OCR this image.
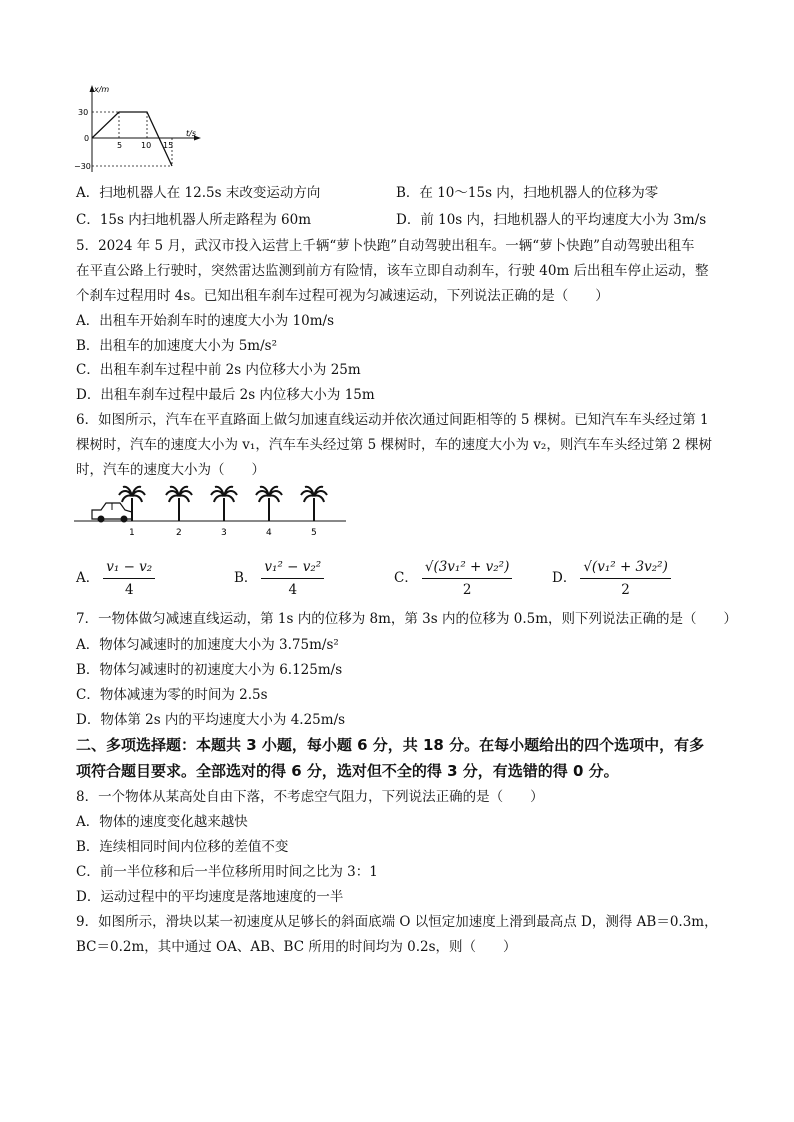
x/m
t/s
30
0
−30
5 10 15
A．扫地机器人在 12.5s 末改变运动方向	B．在 10～15s 内，扫地机器人的位移为零
C．15s 内扫地机器人所走路程为 60m	D．前 10s 内，扫地机器人的平均速度大小为 3m/s
5．2024 年 5 月，武汉市投入运营上千辆“萝卜快跑”自动驾驶出租车。一辆“萝卜快跑”自动驾驶出租车
在平直公路上行驶时，突然雷达监测到前方有险情，该车立即自动刹车，行驶 40m 后出租车停止运动，整
个刹车过程用时 4s。已知出租车刹车过程可视为匀减速运动，下列说法正确的是（　　）
A．出租车开始刹车时的速度大小为 10m/s
B．出租车的加速度大小为 5m/s²
C．出租车刹车过程中前 2s 内位移大小为 25m
D．出租车刹车过程中最后 2s 内位移大小为 15m
6．如图所示，汽车在平直路面上做匀加速直线运动并依次通过间距相等的 5 棵树。已知汽车车头经过第 1
棵树时，汽车的速度大小为 v₁，汽车车头经过第 5 棵树时，车的速度大小为 v₂，则汽车车头经过第 2 棵树
时，汽车的速度大小为（　　）
1	2	3	4	5
A． $\frac{\text{v₁ − v₂}}{4}$	B． $\frac{\text{v₁² − v₂²}}{4}$	C． $\frac{\text{√(3v₁² + v₂²)}}{2}$	D． $\frac{\text{√(v₁² + 3v₂²)}}{2}$
7．一物体做匀减速直线运动，第 1s 内的位移为 8m，第 3s 内的位移为 0.5m，则下列说法正确的是（　　）
A．物体匀减速时的加速度大小为 3.75m/s²
B．物体匀减速时的初速度大小为 6.125m/s
C．物体减速为零的时间为 2.5s
D．物体第 2s 内的平均速度大小为 4.25m/s
二、多项选择题：本题共 3 小题，每小题 6 分，共 18 分。在每小题给出的四个选项中，有多
项符合题目要求。全部选对的得 6 分，选对但不全的得 3 分，有选错的得 0 分。
8．一个物体从某高处自由下落，不考虑空气阻力，下列说法正确的是（　　）
A．物体的速度变化越来越快
B．连续相同时间内位移的差值不变
C．前一半位移和后一半位移所用时间之比为 3：1
D．运动过程中的平均速度是落地速度的一半
9．如图所示，滑块以某一初速度从足够长的斜面底端 O 以恒定加速度上滑到最高点 D，测得 AB＝0.3m，
BC＝0.2m，其中通过 OA、AB、BC 所用的时间均为 0.2s，则（　　）
